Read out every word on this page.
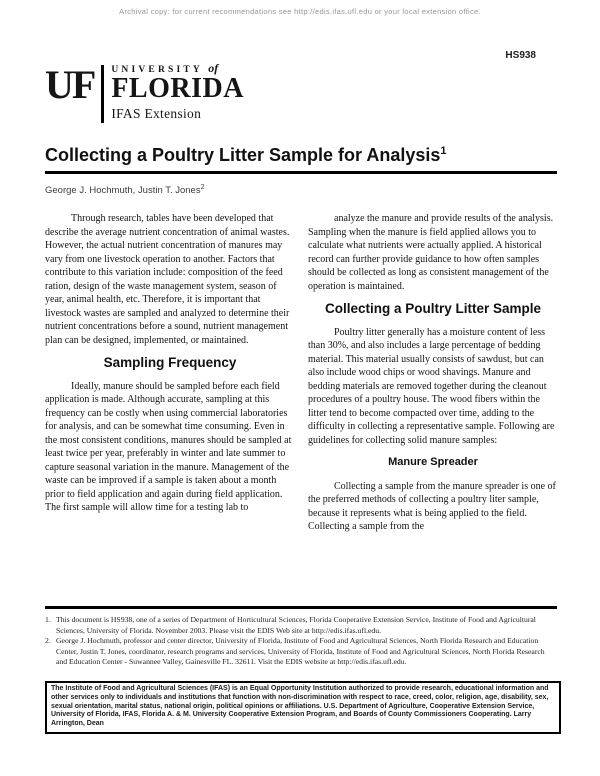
Archival copy: for current recommendations see http://edis.ifas.ufl.edu or your local extension office.
HS938
UF UNIVERSITY of
FLORIDA
IFAS Extension
Collecting a Poultry Litter Sample for Analysis$^1$
George J. Hochmuth, Justin T. Jones$^2$

Through research, tables have been developed that describe the average nutrient concentration of animal wastes. However, the actual nutrient concentration of manures may vary from one livestock operation to another. Factors that contribute to this variation include: composition of the feed ration, design of the waste management system, season of year, animal health, etc. Therefore, it is important that livestock wastes are sampled and analyzed to determine their nutrient concentrations before a sound, nutrient management plan can be designed, implemented, or maintained.

Sampling Frequency

Ideally, manure should be sampled before each field application is made. Although accurate, sampling at this frequency can be costly when using commercial laboratories for analysis, and can be somewhat time consuming. Even in the most consistent conditions, manures should be sampled at least twice per year, preferably in winter and late summer to capture seasonal variation in the manure. Management of the waste can be improved if a sample is taken about a month prior to field application and again during field application. The first sample will allow time for a testing lab to

analyze the manure and provide results of the analysis. Sampling when the manure is field applied allows you to calculate what nutrients were actually applied. A historical record can further provide guidance to how often samples should be collected as long as consistent management of the operation is maintained.

Collecting a Poultry Litter Sample

Poultry litter generally has a moisture content of less than 30%, and also includes a large percentage of bedding material. This material usually consists of sawdust, but can also include wood chips or wood shavings. Manure and bedding materials are removed together during the cleanout procedures of a poultry house. The wood fibers within the litter tend to become compacted over time, adding to the difficulty in collecting a representative sample. Following are guidelines for collecting solid manure samples:

Manure Spreader

Collecting a sample from the manure spreader is one of the preferred methods of collecting a poultry liter sample, because it represents what is being applied to the field. Collecting a sample from the

1. This document is HS938, one of a series of Department of Horticultural Sciences, Florida Cooperative Extension Service, Institute of Food and Agricultural Sciences, University of Florida. November 2003. Please visit the EDIS Web site at http://edis.ifas.ufl.edu.
2. George J. Hochmuth, professor and center director, University of Florida, Institute of Food and Agricultural Sciences, North Florida Research and Education Center, Justin T. Jones, coordinator, research programs and services, University of Florida, Institute of Food and Agricultural Sciences, North Florida Research and Education Center - Suwannee Valley, Gainesville FL. 32611. Visit the EDIS website at http://edis.ifas.ufl.edu.
The Institute of Food and Agricultural Sciences (IFAS) is an Equal Opportunity Institution authorized to provide research, educational information and other services only to individuals and institutions that function with non-discrimination with respect to race, creed, color, religion, age, disability, sex, sexual orientation, marital status, national origin, political opinions or affiliations. U.S. Department of Agriculture, Cooperative Extension Service, University of Florida, IFAS, Florida A. & M. University Cooperative Extension Program, and Boards of County Commissioners Cooperating. Larry Arrington, Dean
